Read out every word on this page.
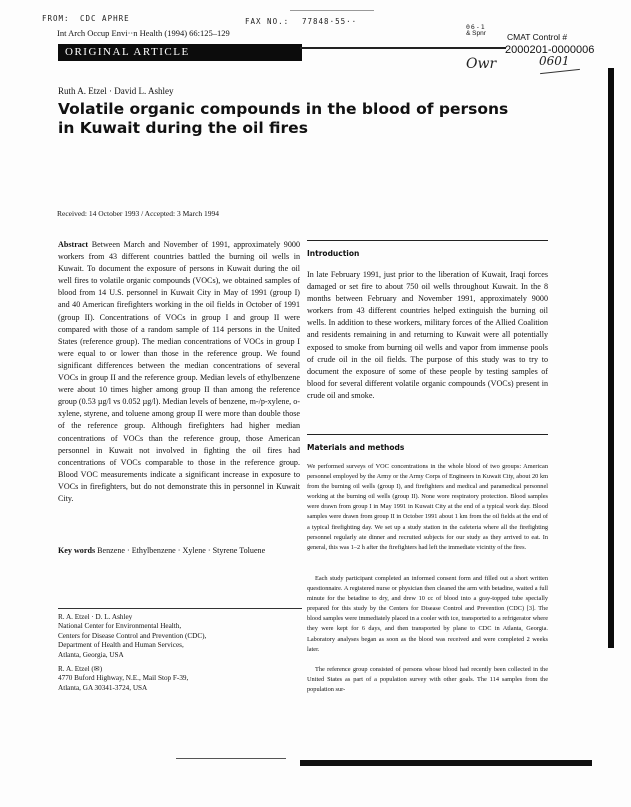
FROM: CDC APHRE	FAX NO.: 77848·55··
06-1
& Spnr
Int Arch Occup Envi··n Health (1994) 66:125–129
ORIGINAL ARTICLE
CMAT Control #
2000201-0000006
Owr	0601
Ruth A. Etzel · David L. Ashley
Volatile organic compounds in the blood of persons in Kuwait during the oil fires
Received: 14 October 1993 / Accepted: 3 March 1994
Abstract Between March and November of 1991, approximately 9000 workers from 43 different countries battled the burning oil wells in Kuwait. To document the exposure of persons in Kuwait during the oil well fires to volatile organic compounds (VOCs), we obtained samples of blood from 14 U.S. personnel in Kuwait City in May of 1991 (group I) and 40 American firefighters working in the oil fields in October of 1991 (group II). Concentrations of VOCs in group I and group II were compared with those of a random sample of 114 persons in the United States (reference group). The median concentrations of VOCs in group I were equal to or lower than those in the reference group. We found significant differences between the median concentrations of several VOCs in group II and the reference group. Median levels of ethylbenzene were about 10 times higher among group II than among the reference group (0.53 µg/l vs 0.052 µg/l). Median levels of benzene, m-/p-xylene, o-xylene, styrene, and toluene among group II were more than double those of the reference group. Although firefighters had higher median concentrations of VOCs than the reference group, those American personnel in Kuwait not involved in fighting the oil fires had concentrations of VOCs comparable to those in the reference group. Blood VOC measurements indicate a significant increase in exposure to VOCs in firefighters, but do not demonstrate this in personnel in Kuwait City.
Key words Benzene · Ethylbenzene · Xylene · Styrene Toluene
R. A. Etzel · D. L. Ashley
National Center for Environmental Health,
Centers for Disease Control and Prevention (CDC),
Department of Health and Human Services,
Atlanta, Georgia, USA
R. A. Etzel (✉)
4770 Buford Highway, N.E., Mail Stop F-39,
Atlanta, GA 30341-3724, USA
Introduction
In late February 1991, just prior to the liberation of Kuwait, Iraqi forces damaged or set fire to about 750 oil wells throughout Kuwait. In the 8 months between February and November 1991, approximately 9000 workers from 43 different countries helped extinguish the burning oil wells. In addition to these workers, military forces of the Allied Coalition and residents remaining in and returning to Kuwait were all potentially exposed to smoke from burning oil wells and vapor from immense pools of crude oil in the oil fields. The purpose of this study was to try to document the exposure of some of these people by testing samples of blood for several different volatile organic compounds (VOCs) present in crude oil and smoke.
Materials and methods
We performed surveys of VOC concentrations in the whole blood of two groups: American personnel employed by the Army or the Army Corps of Engineers in Kuwait City, about 20 km from the burning oil wells (group I), and firefighters and medical and paramedical personnel working at the burning oil wells (group II). None wore respiratory protection. Blood samples were drawn from group I in May 1991 in Kuwait City at the end of a typical work day. Blood samples were drawn from group II in October 1991 about 1 km from the oil fields at the end of a typical firefighting day. We set up a study station in the cafeteria where all the firefighting personnel regularly ate dinner and recruited subjects for our study as they arrived to eat. In general, this was 1–2 h after the firefighters had left the immediate vicinity of the fires.
Each study participant completed an informed consent form and filled out a short written questionnaire. A registered nurse or physician then cleaned the arm with betadine, waited a full minute for the betadine to dry, and drew 10 cc of blood into a gray-topped tube specially prepared for this study by the Centers for Disease Control and Prevention (CDC) [3]. The blood samples were immediately placed in a cooler with ice, transported to a refrigerator where they were kept for 6 days, and then transported by plane to CDC in Atlanta, Georgia. Laboratory analyses began as soon as the blood was received and were completed 2 weeks later.
The reference group consisted of persons whose blood had recently been collected in the United States as part of a population survey with other goals. The 114 samples from the population sur-
